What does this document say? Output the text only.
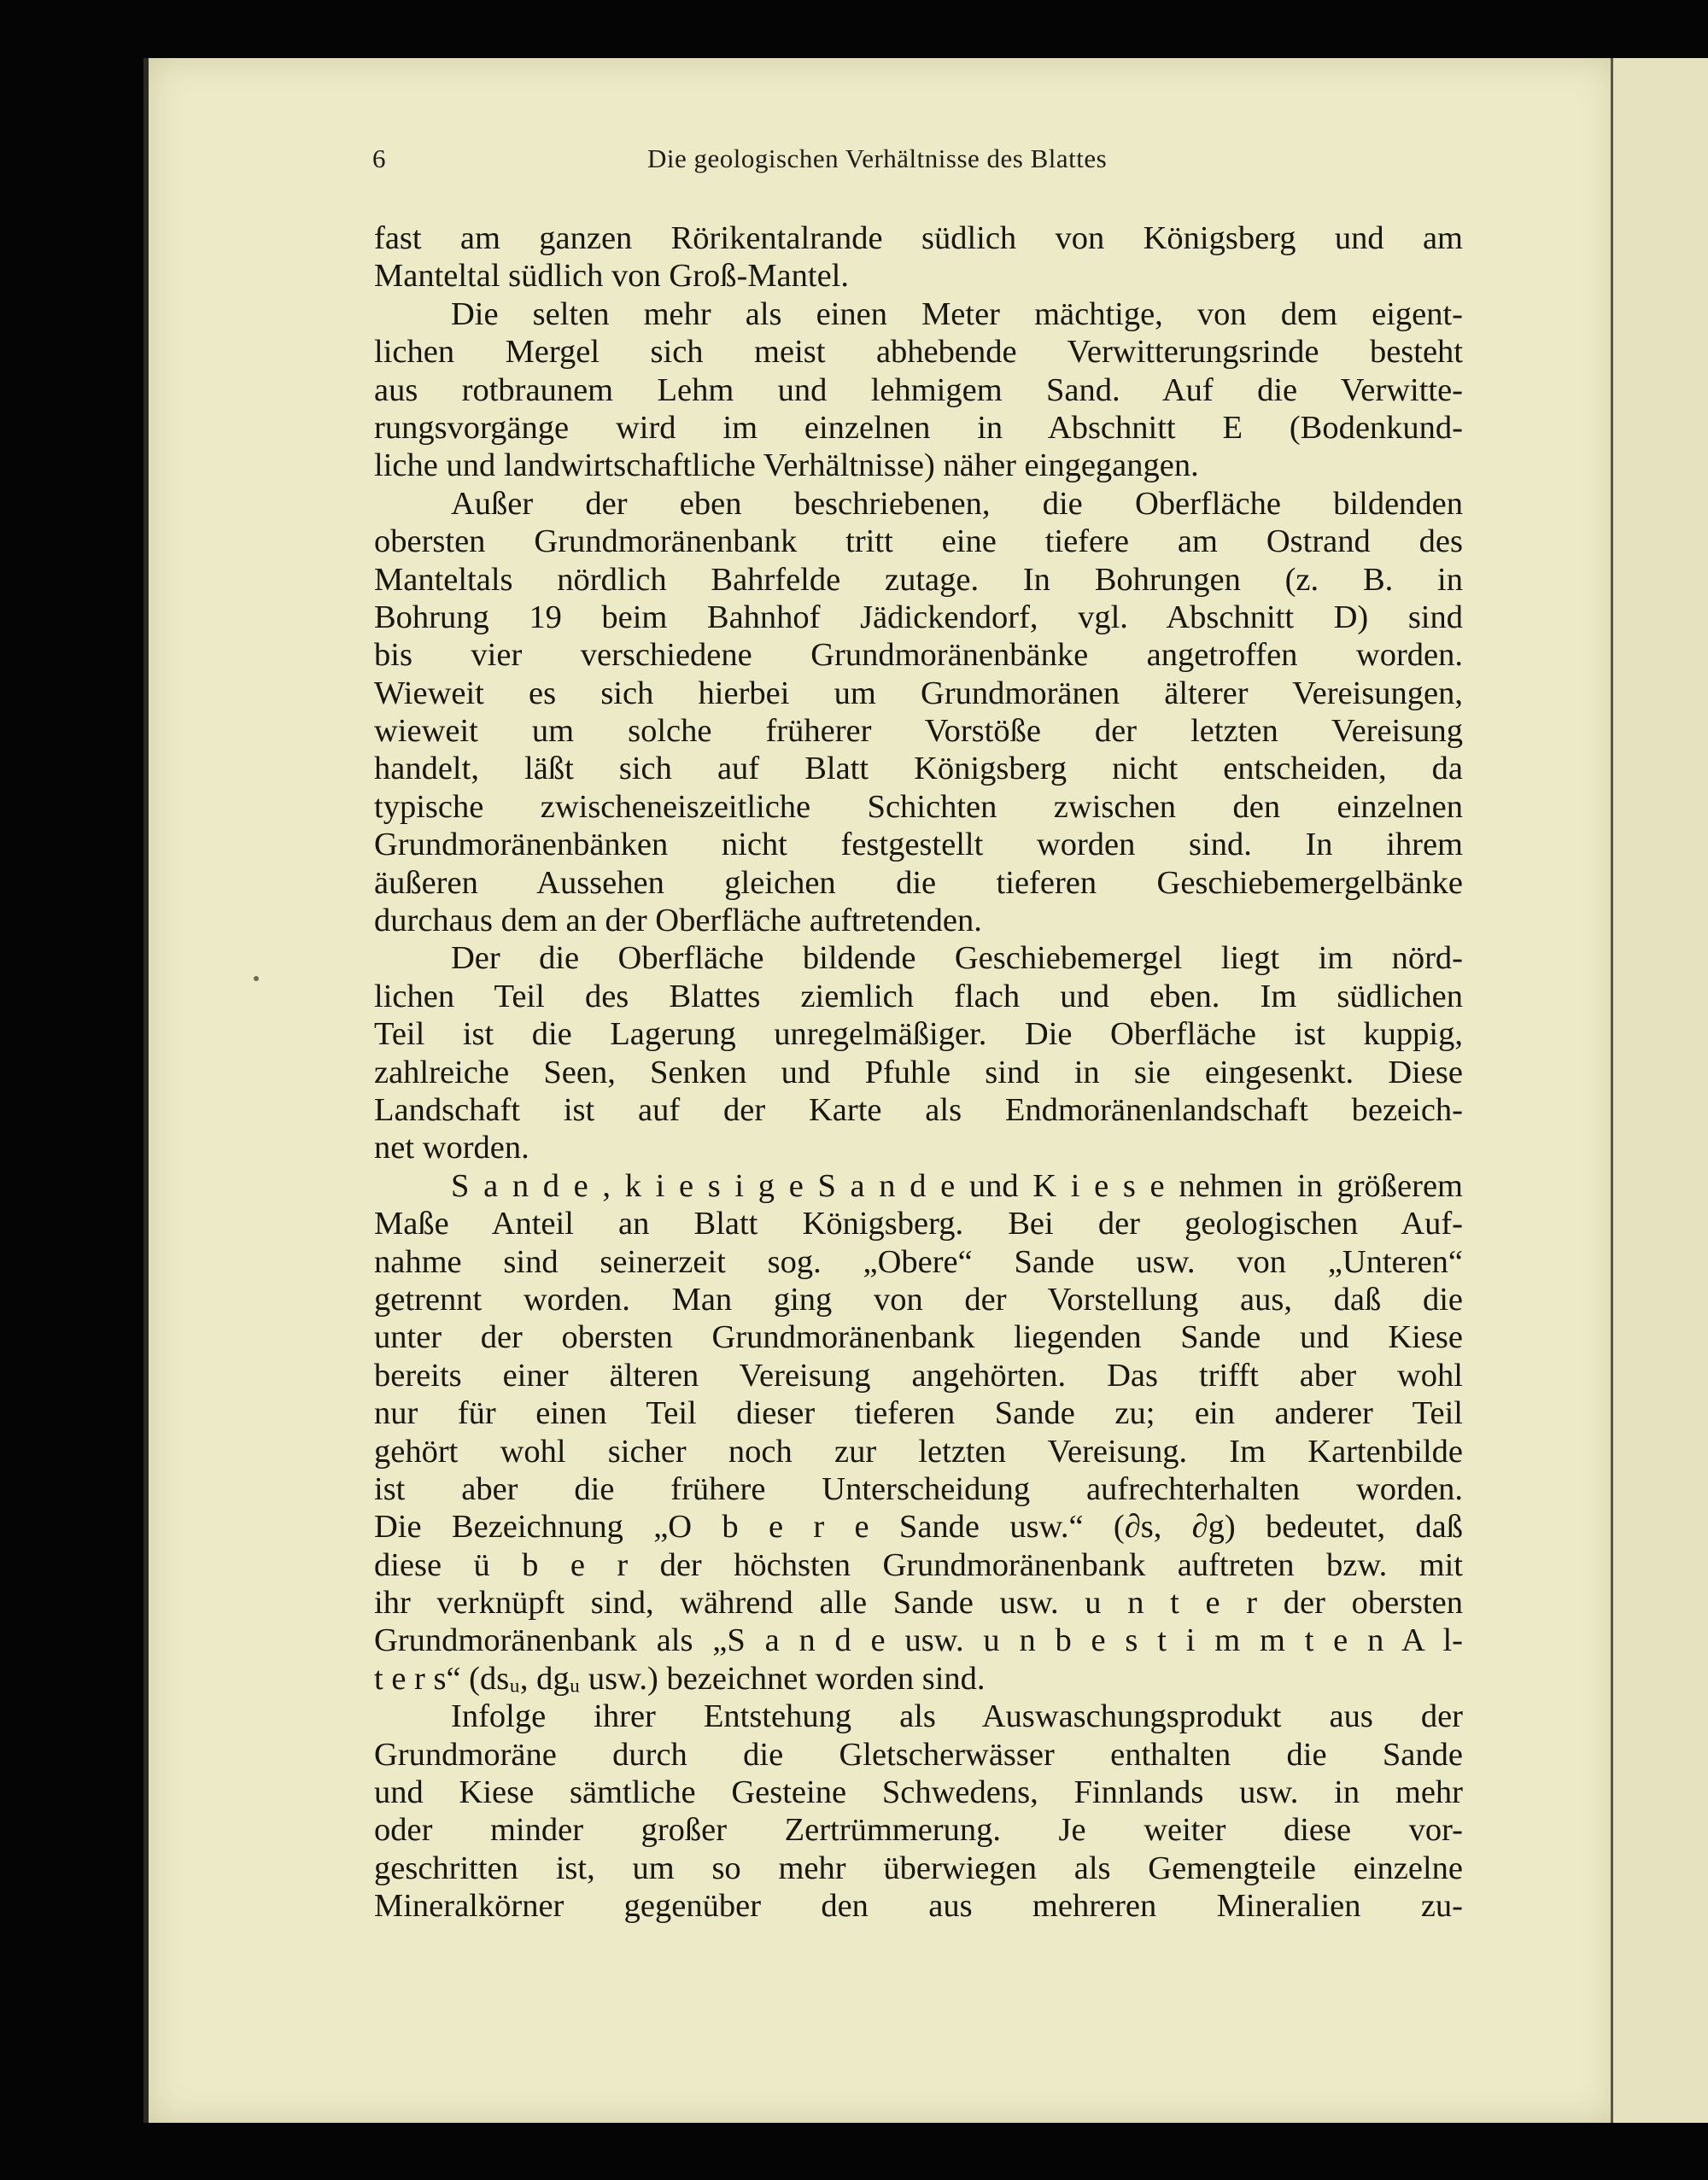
6	Die geologischen Verhältnisse des Blattes

fast am ganzen Rörikentalrande südlich von Königsberg und am
Manteltal südlich von Groß-Mantel.

Die selten mehr als einen Meter mächtige, von dem eigent-
lichen Mergel sich meist abhebende Verwitterungsrinde besteht
aus rotbraunem Lehm und lehmigem Sand. Auf die Verwitte-
rungsvorgänge wird im einzelnen in Abschnitt E (Bodenkund-
liche und landwirtschaftliche Verhältnisse) näher eingegangen.

Außer der eben beschriebenen, die Oberfläche bildenden
obersten Grundmoränenbank tritt eine tiefere am Ostrand des
Manteltals nördlich Bahrfelde zutage. In Bohrungen (z. B. in
Bohrung 19 beim Bahnhof Jädickendorf, vgl. Abschnitt D) sind
bis vier verschiedene Grundmoränenbänke angetroffen worden.
Wieweit es sich hierbei um Grundmoränen älterer Vereisungen,
wieweit um solche früherer Vorstöße der letzten Vereisung
handelt, läßt sich auf Blatt Königsberg nicht entscheiden, da
typische zwischeneiszeitliche Schichten zwischen den einzelnen
Grundmoränenbänken nicht festgestellt worden sind. In ihrem
äußeren Aussehen gleichen die tieferen Geschiebemergelbänke
durchaus dem an der Oberfläche auftretenden.

Der die Oberfläche bildende Geschiebemergel liegt im nörd-
lichen Teil des Blattes ziemlich flach und eben. Im südlichen
Teil ist die Lagerung unregelmäßiger. Die Oberfläche ist kuppig,
zahlreiche Seen, Senken und Pfuhle sind in sie eingesenkt. Diese
Landschaft ist auf der Karte als Endmoränenlandschaft bezeich-
net worden.

S a n d e , k i e s i g e S a n d e und K i e s e nehmen in größerem
Maße Anteil an Blatt Königsberg. Bei der geologischen Auf-
nahme sind seinerzeit sog. „Obere“ Sande usw. von „Unteren“
getrennt worden. Man ging von der Vorstellung aus, daß die
unter der obersten Grundmoränenbank liegenden Sande und Kiese
bereits einer älteren Vereisung angehörten. Das trifft aber wohl
nur für einen Teil dieser tieferen Sande zu; ein anderer Teil
gehört wohl sicher noch zur letzten Vereisung. Im Kartenbilde
ist aber die frühere Unterscheidung aufrechterhalten worden.
Die Bezeichnung „O b e r e Sande usw.“ (∂s, ∂g) bedeutet, daß
diese ü b e r der höchsten Grundmoränenbank auftreten bzw. mit
ihr verknüpft sind, während alle Sande usw. u n t e r der obersten
Grundmoränenbank als „S a n d e usw. u n b e s t i m m t e n A l-
t e r s“ (dsᵤ, dgᵤ usw.) bezeichnet worden sind.

Infolge ihrer Entstehung als Auswaschungsprodukt aus der
Grundmoräne durch die Gletscherwässer enthalten die Sande
und Kiese sämtliche Gesteine Schwedens, Finnlands usw. in mehr
oder minder großer Zertrümmerung. Je weiter diese vor-
geschritten ist, um so mehr überwiegen als Gemengteile einzelne
Mineralkörner gegenüber den aus mehreren Mineralien zu-
